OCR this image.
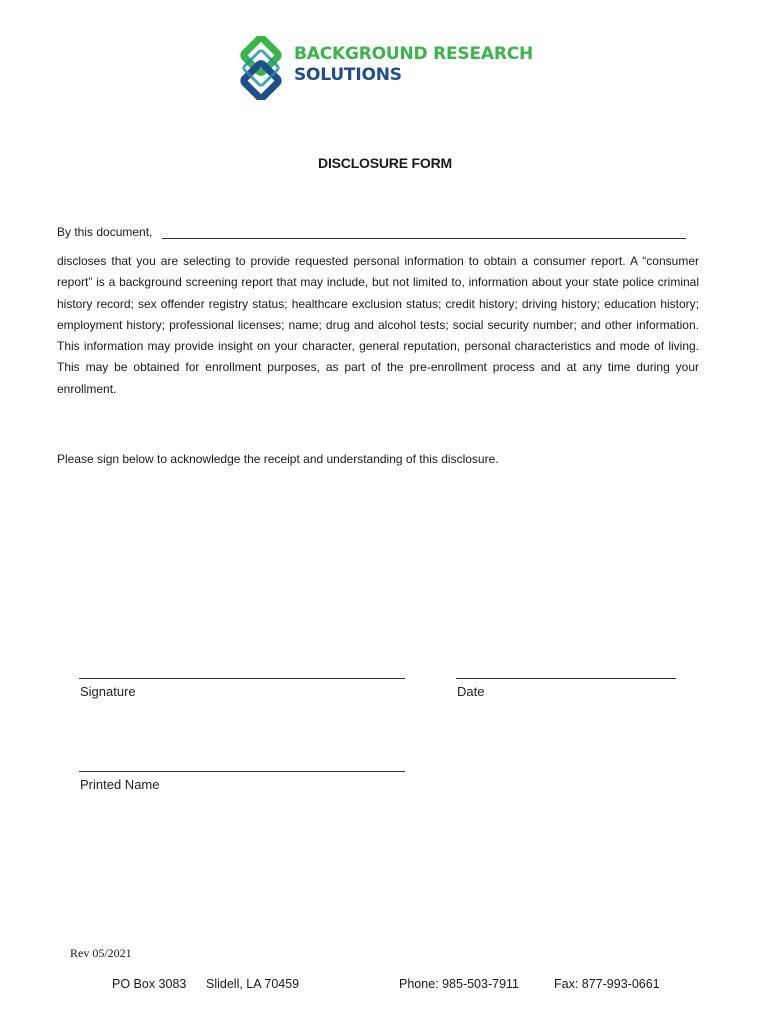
BACKGROUND RESEARCH
SOLUTIONS
DISCLOSURE FORM
By this document,
discloses that you are selecting to provide requested personal information to obtain a consumer report. A “consumer report” is a background screening report that may include, but not limited to, information about your state police criminal history record; sex offender registry status; healthcare exclusion status; credit history; driving history; education history; employment history; professional licenses; name; drug and alcohol tests; social security number; and other information. This information may provide insight on your character, general reputation, personal characteristics and mode of living. This may be obtained for enrollment purposes, as part of the pre-enrollment process and at any time during your enrollment.
Please sign below to acknowledge the receipt and understanding of this disclosure.
Signature	Date
Printed Name
Rev 05/2021
PO Box 3083 Slidell, LA 70459	Phone: 985-503-7911	Fax: 877-993-0661
